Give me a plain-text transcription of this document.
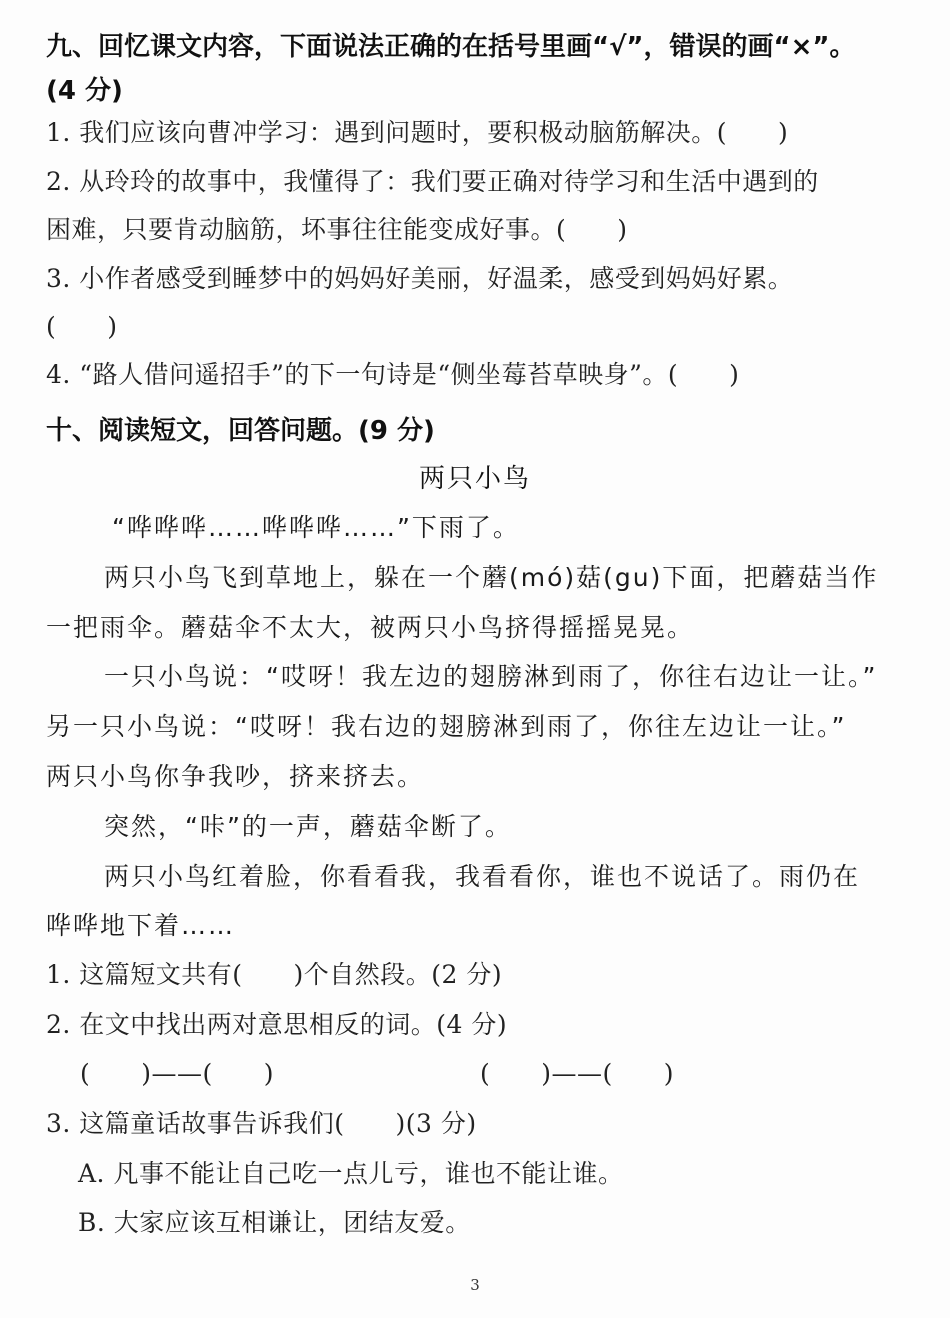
九、回忆课文内容，下面说法正确的在括号里画“√”，错误的画“×”。
(4 分)
1. 我们应该向曹冲学习：遇到问题时，要积极动脑筋解决。(　　)
2. 从玲玲的故事中，我懂得了：我们要正确对待学习和生活中遇到的
困难，只要肯动脑筋，坏事往往能变成好事。(　　)
3. 小作者感受到睡梦中的妈妈好美丽，好温柔，感受到妈妈好累。
(　　)
4. “路人借问遥招手”的下一句诗是“侧坐莓苔草映身”。(　　)
十、阅读短文，回答问题。(9 分)
两只小鸟
“哗哗哗……哗哗哗……”下雨了。
两只小鸟飞到草地上，躲在一个蘑(mó)菇(gu)下面，把蘑菇当作
一把雨伞。蘑菇伞不太大，被两只小鸟挤得摇摇晃晃。
一只小鸟说：“哎呀！我左边的翅膀淋到雨了，你往右边让一让。”
另一只小鸟说：“哎呀！我右边的翅膀淋到雨了，你往左边让一让。”
两只小鸟你争我吵，挤来挤去。
突然，“咔”的一声，蘑菇伞断了。
两只小鸟红着脸，你看看我，我看看你，谁也不说话了。雨仍在
哗哗地下着……
1. 这篇短文共有(　　)个自然段。(2 分)
2. 在文中找出两对意思相反的词。(4 分)
(　　)——(　　)	(　　)——(　　)
3. 这篇童话故事告诉我们(　　)(3 分)
A. 凡事不能让自己吃一点儿亏，谁也不能让谁。
B. 大家应该互相谦让，团结友爱。
3
